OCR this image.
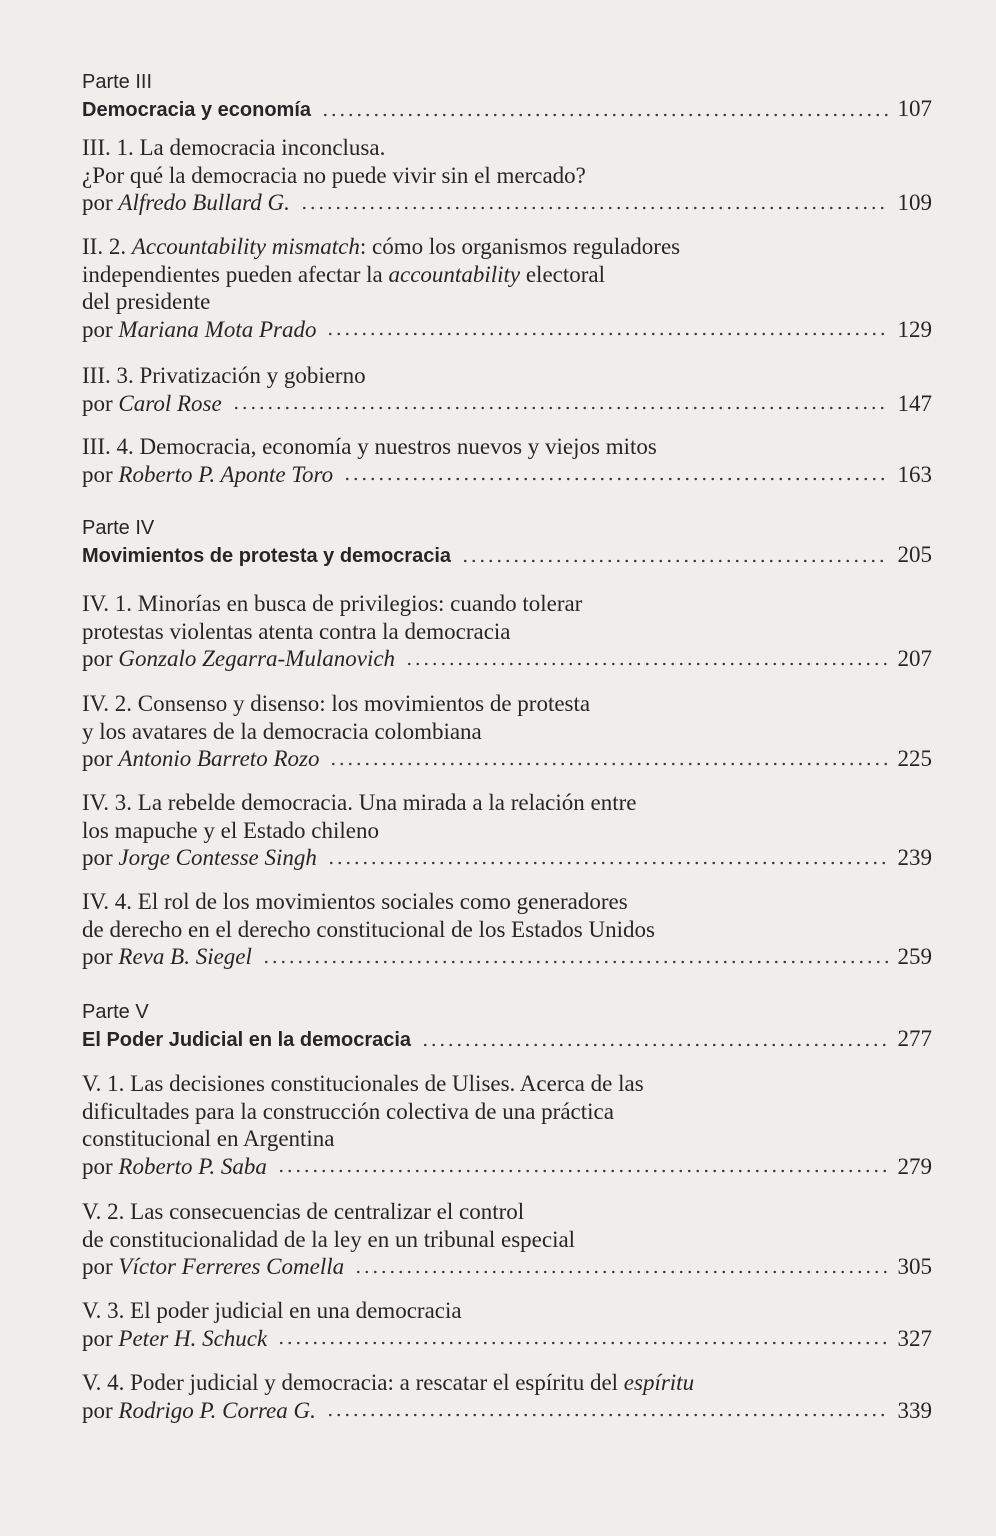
Parte III
Democracia y economía	107
III. 1. La democracia inconclusa.
¿Por qué la democracia no puede vivir sin el mercado?
por
Alfredo Bullard G.	109
II. 2. Accountability mismatch: cómo los organismos reguladores
independientes pueden afectar la accountability electoral
del presidente
por
Mariana Mota Prado	129
III. 3. Privatización y gobierno
por
Carol Rose	147
III. 4. Democracia, economía y nuestros nuevos y viejos mitos
por
Roberto P. Aponte Toro	163
Parte IV
Movimientos de protesta y democracia	205
IV. 1. Minorías en busca de privilegios: cuando tolerar
protestas violentas atenta contra la democracia
por
Gonzalo Zegarra-Mulanovich	207
IV. 2. Consenso y disenso: los movimientos de protesta
y los avatares de la democracia colombiana
por
Antonio Barreto Rozo	225
IV. 3. La rebelde democracia. Una mirada a la relación entre
los mapuche y el Estado chileno
por
Jorge Contesse Singh	239
IV. 4. El rol de los movimientos sociales como generadores
de derecho en el derecho constitucional de los Estados Unidos
por
Reva B. Siegel	259
Parte V
El Poder Judicial en la democracia	277
V. 1. Las decisiones constitucionales de Ulises. Acerca de las
dificultades para la construcción colectiva de una práctica
constitucional en Argentina
por
Roberto P. Saba	279
V. 2. Las consecuencias de centralizar el control
de constitucionalidad de la ley en un tribunal especial
por
Víctor Ferreres Comella	305
V. 3. El poder judicial en una democracia
por
Peter H. Schuck	327
V. 4. Poder judicial y democracia: a rescatar el espíritu del espíritu
por
Rodrigo P. Correa G.	339
